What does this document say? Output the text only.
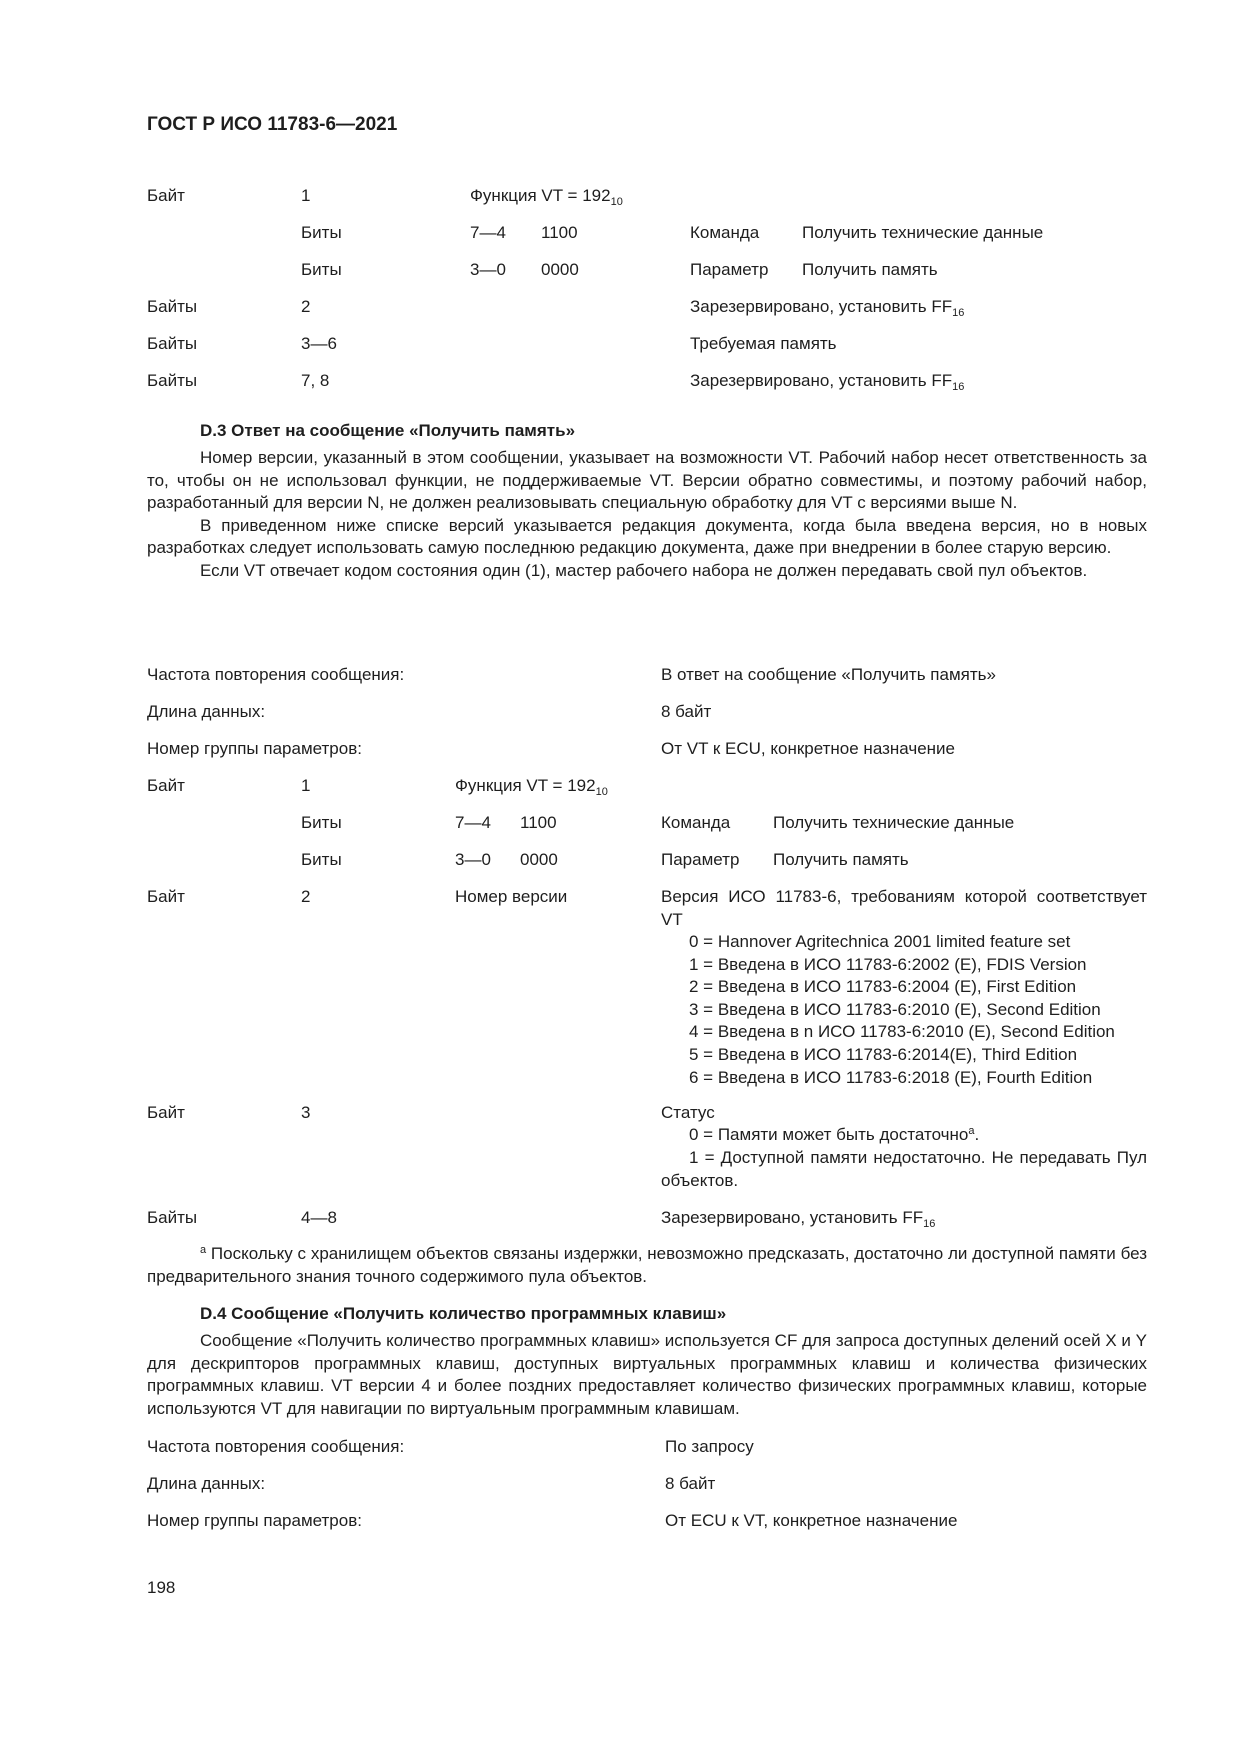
ГОСТ Р ИСО 11783-6—2021
Байт	1	Функция VT = $192_{10}$
Биты	7—4 1100	Команда	Получить технические данные
Биты	3—0 0000	Параметр Получить память
Байты	2	Зарезервировано, установить $FF_{16}$
Байты	3—6	Требуемая память
Байты	7, 8	Зарезервировано, установить $FF_{16}$
D.3 Ответ на сообщение «Получить память»

Номер версии, указанный в этом сообщении, указывает на возможности VT. Рабочий набор несет ответственность за то, чтобы он не использовал функции, не поддерживаемые VT. Версии обратно совместимы, и поэтому рабочий набор, разработанный для версии N, не должен реализовывать специальную обработку для VT с версиями выше N.

В приведенном ниже списке версий указывается редакция документа, когда была введена версия, но в новых разработках следует использовать самую последнюю редакцию документа, даже при внедрении в более старую версию.

Если VT отвечает кодом состояния один (1), мастер рабочего набора не должен передавать свой пул объектов.

Частота повторения сообщения:	В ответ на сообщение «Получить память»
Длина данных:	8 байт
Номер группы параметров:	От VT к ECU, конкретное назначение
Байт	1	Функция VT = $192_{10}$
Биты	7—4 1100	Команда	Получить технические данные
Биты	3—0 0000	Параметр Получить память
Байт	2	Номер версии	Версия ИСО 11783-6, требованиям которой соответствует VT
0 = Hannover Agritechnica 2001 limited feature set
1 = Введена в ИСО 11783-6:2002 (E), FDIS Version
2 = Введена в ИСО 11783-6:2004 (E), First Edition
3 = Введена в ИСО 11783-6:2010 (E), Second Edition
4 = Введена в n ИСО 11783-6:2010 (E), Second Edition
5 = Введена в ИСО 11783-6:2014(E), Third Edition
6 = Введена в ИСО 11783-6:2018 (E), Fourth Edition
Байт	3	Статус
0 = Памяти может быть достаточно$^a$.
1 = Доступной памяти недостаточно. Не передавать Пул объектов.
Байты	4—8	Зарезервировано, установить $FF_{16}$

$^a$ Поскольку с хранилищем объектов связаны издержки, невозможно предсказать, достаточно ли доступной памяти без предварительного знания точного содержимого пула объектов.

D.4 Сообщение «Получить количество программных клавиш»

Сообщение «Получить количество программных клавиш» используется CF для запроса доступных делений осей X и Y для дескрипторов программных клавиш, доступных виртуальных программных клавиш и количества физических программных клавиш. VT версии 4 и более поздних предоставляет количество физических программных клавиш, которые используются VT для навигации по виртуальным программным клавишам.

Частота повторения сообщения:	По запросу
Длина данных:	8 байт
Номер группы параметров:	От ECU к VT, конкретное назначение
198
